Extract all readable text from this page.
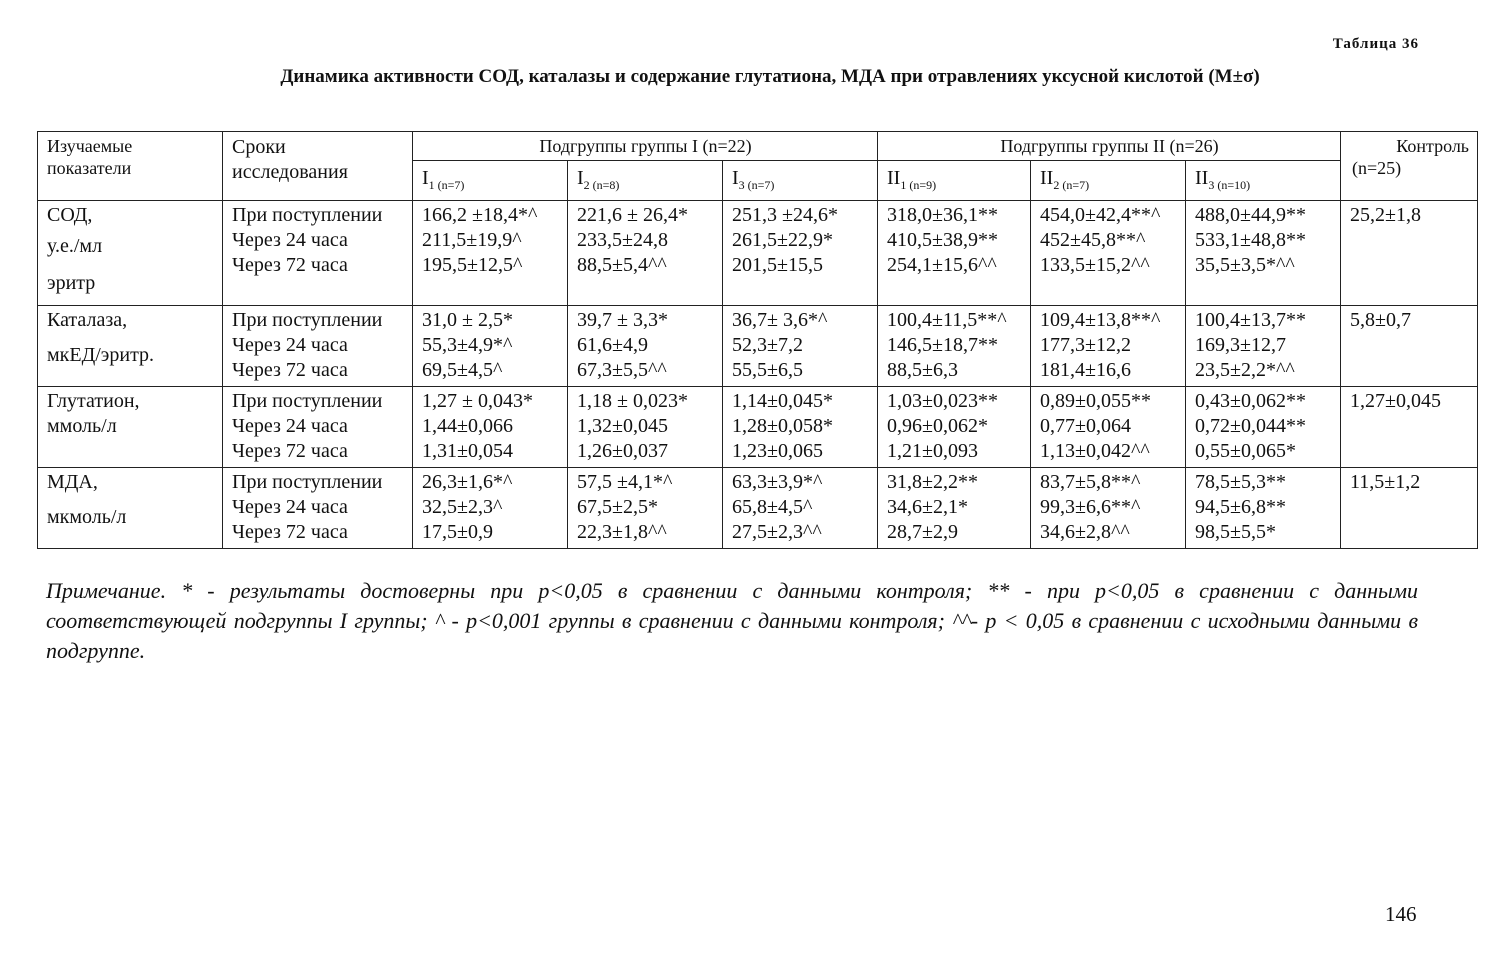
Таблица 36
Динамика активности СОД, каталазы и содержание глутатиона, МДА при отравлениях уксусной кислотой (M±σ)
Изучаемые показатели	Сроки исследования	Подгруппы группы I (n=22)			Подгруппы группы II (n=26)			Контроль
(n=25)

		$I_1$ $_{(n=7)}$	$I_2$ $_{(n=8)}$	$I_3$ $_{(n=7)}$	$II_1$ $_{(n=9)}$	$II_2$ $_{(n=7)}$	$II_3$ $_{(n=10)}$

СОД,
у.е./мл
эритр	При поступлении
Через 24 часа
Через 72 часа	166,2 ±18,4*^
211,5±19,9^
195,5±12,5^	221,6 ± 26,4*
233,5±24,8
88,5±5,4^^	251,3 ±24,6*
261,5±22,9*
201,5±15,5	318,0±36,1**
410,5±38,9**
254,1±15,6^^	454,0±42,4**^
452±45,8**^
133,5±15,2^^	488,0±44,9**
533,1±48,8**
35,5±3,5*^^	25,2±1,8

Каталаза,
мкЕД/эритр.	При поступлении
Через 24 часа
Через 72 часа	31,0 ± 2,5*
55,3±4,9*^
69,5±4,5^	39,7 ± 3,3*
61,6±4,9
67,3±5,5^^	36,7± 3,6*^
52,3±7,2
55,5±6,5	100,4±11,5**^
146,5±18,7**
88,5±6,3	109,4±13,8**^
177,3±12,2
181,4±16,6	100,4±13,7**
169,3±12,7
23,5±2,2*^^	5,8±0,7

Глутатион,
ммоль/л	При поступлении
Через 24 часа
Через 72 часа	1,27 ± 0,043*
1,44±0,066
1,31±0,054	1,18 ± 0,023*
1,32±0,045
1,26±0,037	1,14±0,045*
1,28±0,058*
1,23±0,065	1,03±0,023**
0,96±0,062*
1,21±0,093	0,89±0,055**
0,77±0,064
1,13±0,042^^	0,43±0,062**
0,72±0,044**
0,55±0,065*	1,27±0,045

МДА,
мкмоль/л	При поступлении
Через 24 часа
Через 72 часа	26,3±1,6*^
32,5±2,3^
17,5±0,9	57,5 ±4,1*^
67,5±2,5*
22,3±1,8^^	63,3±3,9*^
65,8±4,5^
27,5±2,3^^	31,8±2,2**
34,6±2,1*
28,7±2,9	83,7±5,8**^
99,3±6,6**^
34,6±2,8^^	78,5±5,3**
94,5±6,8**
98,5±5,5*	11,5±1,2
Примечание. * - результаты достоверны при p<0,05 в сравнении с данными контроля; ** - при p<0,05 в сравнении с данными соответствующей подгруппы I группы; ^ - p<0,001 группы в сравнении с данными контроля; ^^- p < 0,05 в сравнении с исходными данными в подгруппе.
146
